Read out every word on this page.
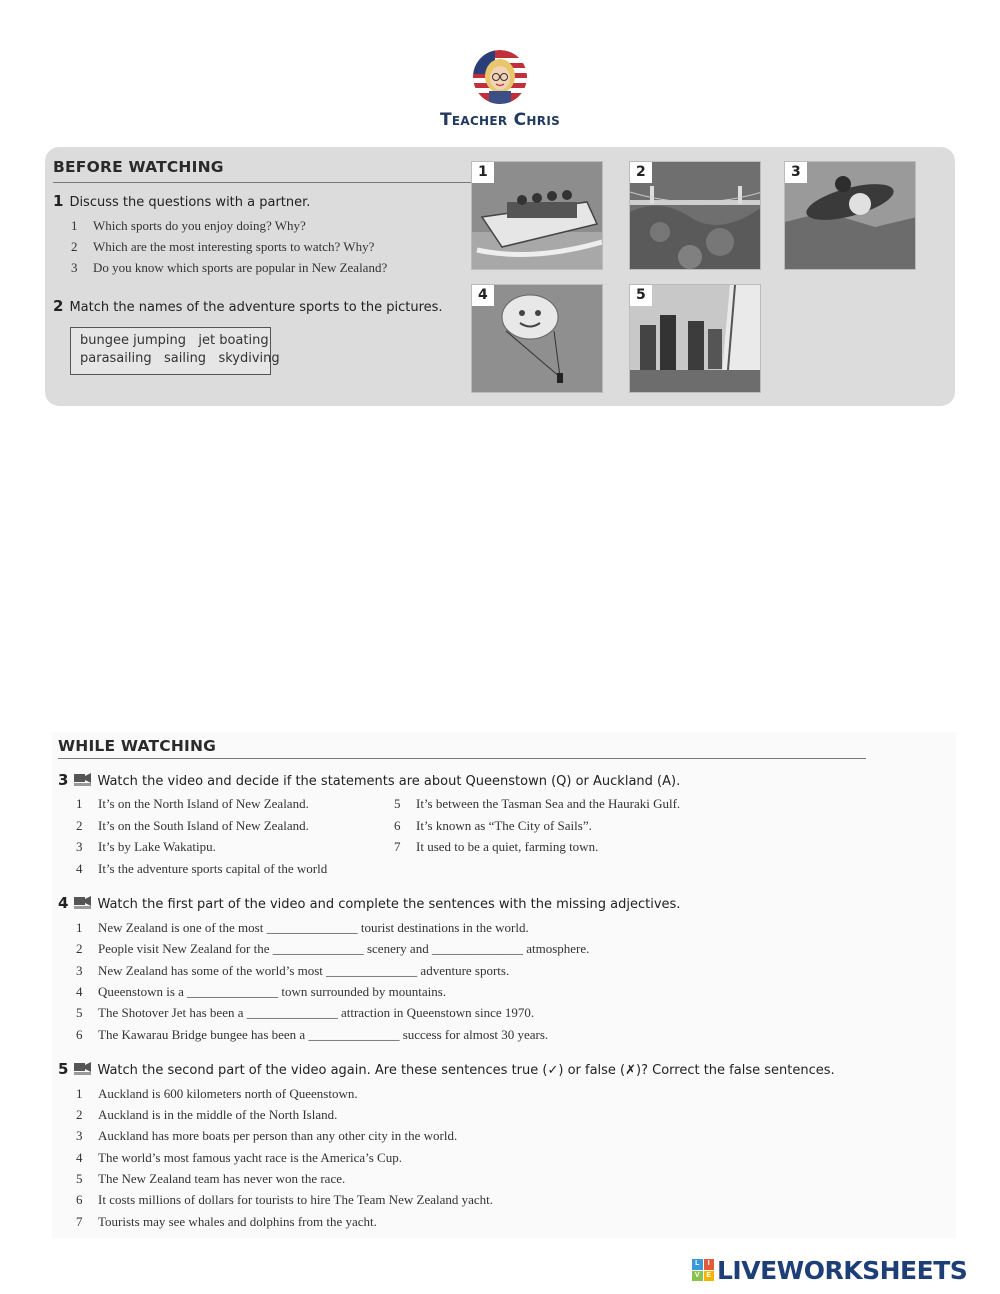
Teacher Chris
BEFORE WATCHING
1 Discuss the questions with a partner.
1 Which sports do you enjoy doing? Why?
2 Which are the most interesting sports to watch? Why?
3 Do you know which sports are popular in New Zealand?
2 Match the names of the adventure sports to the pictures.
bungee jumping   jet boating
parasailing   sailing   skydiving
1	2	3
4	5
WHILE WATCHING
3 Watch the video and decide if the statements are about Queenstown (Q) or Auckland (A).
1 It’s on the North Island of New Zealand.
2 It’s on the South Island of New Zealand.
3 It’s by Lake Wakatipu.
4 It’s the adventure sports capital of the world
5 It’s between the Tasman Sea and the Hauraki Gulf.
6 It’s known as “The City of Sails”.
7 It used to be a quiet, farming town.
4 Watch the first part of the video and complete the sentences with the missing adjectives.
1 New Zealand is one of the most ______________ tourist destinations in the world.
2 People visit New Zealand for the ______________ scenery and ______________ atmosphere.
3 New Zealand has some of the world’s most ______________ adventure sports.
4 Queenstown is a ______________ town surrounded by mountains.
5 The Shotover Jet has been a ______________ attraction in Queenstown since 1970.
6 The Kawarau Bridge bungee has been a ______________ success for almost 30 years.
5 Watch the second part of the video again. Are these sentences true (✓) or false (✗)? Correct the false sentences.
1 Auckland is 600 kilometers north of Queenstown.
2 Auckland is in the middle of the North Island.
3 Auckland has more boats per person than any other city in the world.
4 The world’s most famous yacht race is the America’s Cup.
5 The New Zealand team has never won the race.
6 It costs millions of dollars for tourists to hire The Team New Zealand yacht.
7 Tourists may see whales and dolphins from the yacht.
L	I
V E LIVEWORKSHEETS
